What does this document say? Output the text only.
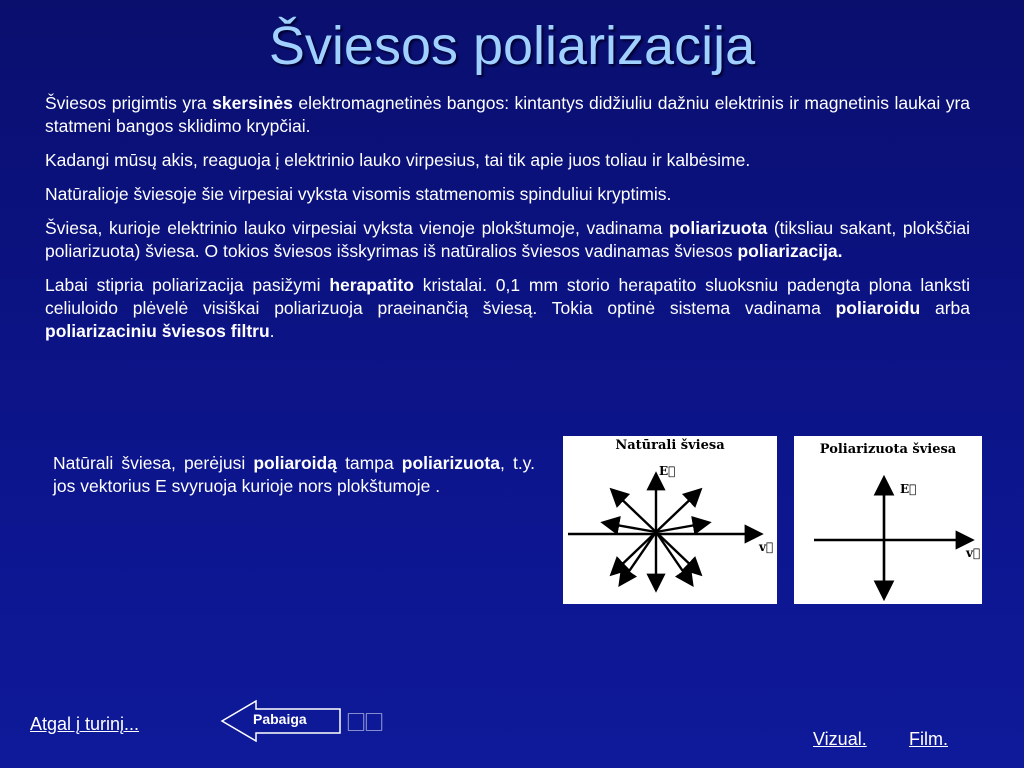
Šviesos poliarizacija

Šviesos prigimtis yra skersinės elektromagnetinės bangos: kintantys didžiuliu dažniu elektrinis ir magnetinis laukai yra statmeni bangos sklidimo krypčiai.

Kadangi mūsų akis, reaguoja į elektrinio lauko virpesius, tai tik apie juos toliau ir kalbėsime.

Natūralioje šviesoje šie virpesiai vyksta visomis statmenomis spinduliui kryptimis.

Šviesa, kurioje elektrinio lauko virpesiai vyksta vienoje plokštumoje, vadinama poliarizuota (tiksliau sakant, plokščiai poliarizuota) šviesa. O tokios šviesos išskyrimas iš natūralios šviesos vadinamas šviesos poliarizacija.

Labai stipria poliarizacija pasižymi herapatito kristalai. 0,1 mm storio herapatito sluoksniu padengta plona lanksti celiuloido plėvelė visiškai poliarizuoja praeinančią šviesą. Tokia optinė sistema vadinama poliaroidu arba poliarizaciniu šviesos filtru.

Natūrali šviesa, perėjusi poliaroidą tampa poliarizuota, t.y. jos vektorius E svyruoja kurioje nors plokštumoje .
Natūrali šviesa
E⃗
v⃗
Poliarizuota šviesa
E⃗
v⃗
Atgal į turinį...	Pabaiga ⃞⃞
Vizual. Film.
